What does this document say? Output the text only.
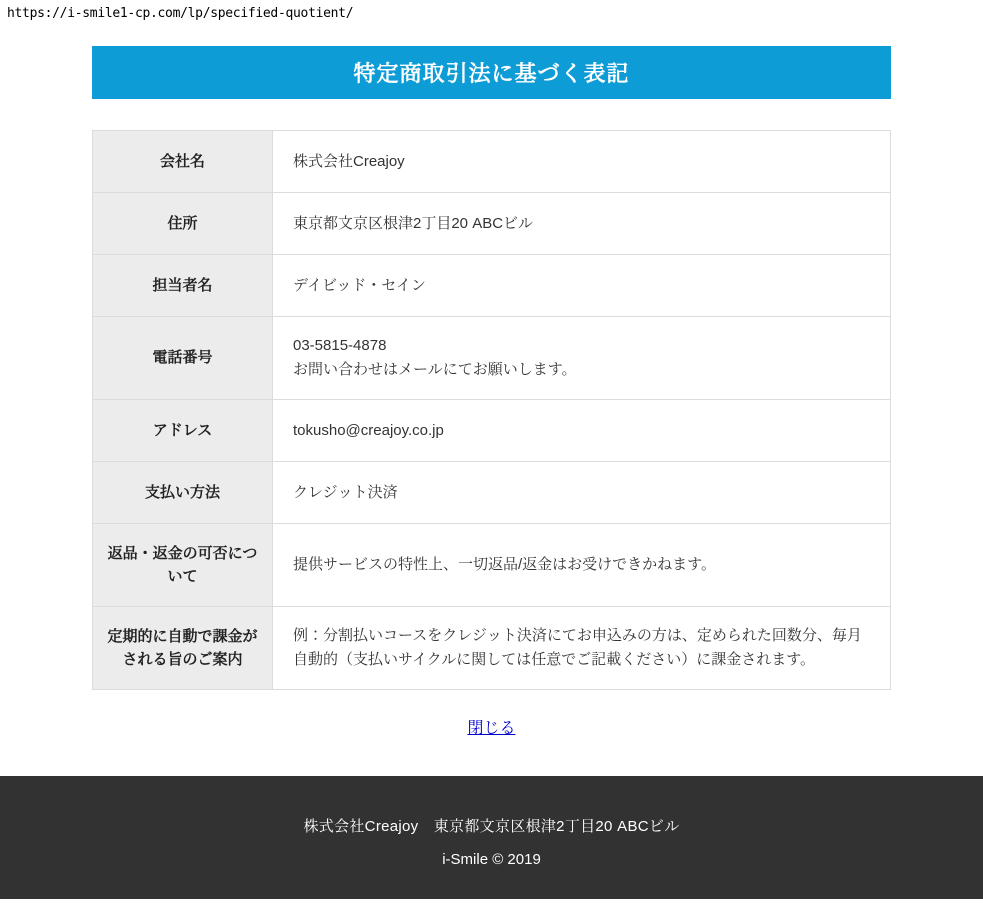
https://i-smile1-cp.com/lp/specified-quotient/
特定商取引法に基づく表記
会社名	株式会社Creajoy
住所	東京都文京区根津2丁目20 ABCビル
担当者名	デイビッド・セイン
電話番号	03-5815-4878
お問い合わせはメールにてお願いします。

アドレス	tokusho@creajoy.co.jp
支払い方法	クレジット決済
返品・返金の可否について	提供サービスの特性上、一切返品/返金はお受けできかねます。
定期的に自動で課金がされる旨のご案内	例：分割払いコースをクレジット決済にてお申込みの方は、定められた回数分、毎月自動的（支払いサイクルに関しては任意でご記載ください）に課金されます。
閉じる
株式会社Creajoy　東京都文京区根津2丁目20 ABCビル
i-Smile © 2019
